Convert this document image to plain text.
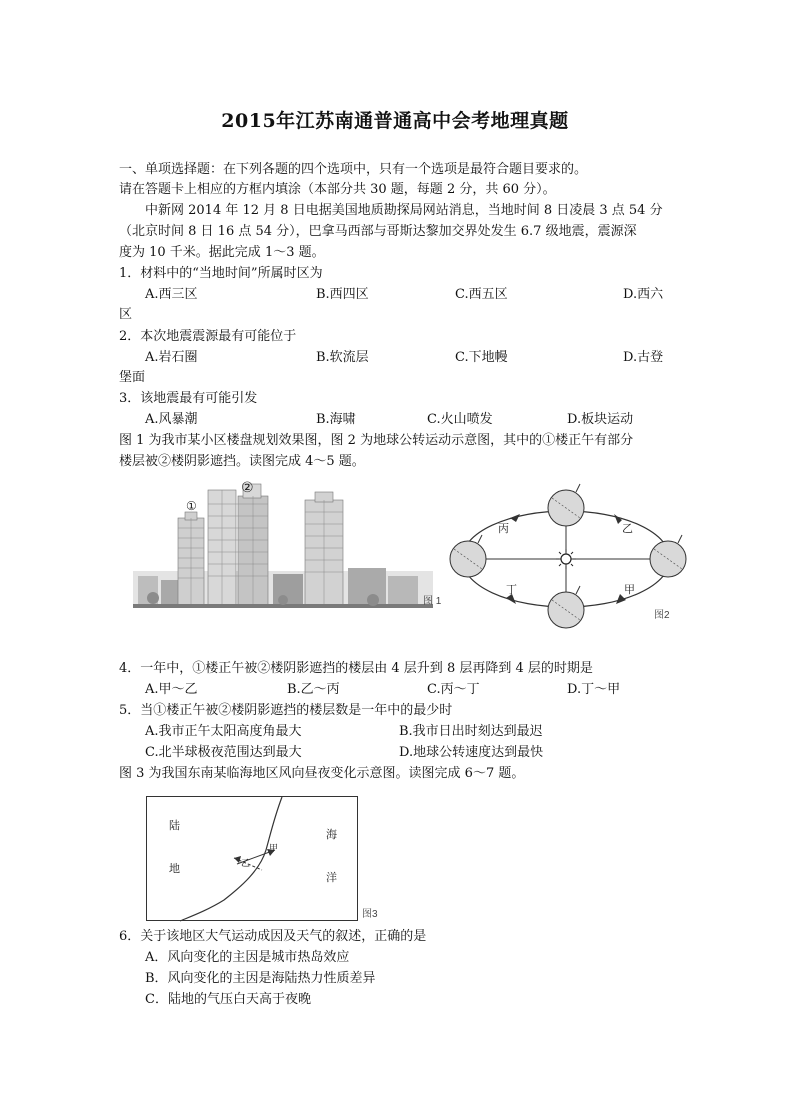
2015年江苏南通普通高中会考地理真题
一、单项选择题：在下列各题的四个选项中，只有一个选项是最符合题目要求的。
请在答题卡上相应的方框内填涂（本部分共 30 题，每题 2 分，共 60 分）。
中新网 2014 年 12 月 8 日电据美国地质勘探局网站消息，当地时间 8 日凌晨 3 点 54 分
（北京时间 8 日 16 点 54 分），巴拿马西部与哥斯达黎加交界处发生 6.7 级地震，震源深
度为 10 千米。据此完成 1～3 题。
1．材料中的“当地时间”所属时区为
A.西三区	B.西四区	C.西五区	D.西六
区
2．本次地震震源最有可能位于
A.岩石圈	B.软流层	C.下地幔	D.古登
堡面
3．该地震最有可能引发
A.风暴潮	B.海啸	C.火山喷发	D.板块运动
图 1 为我市某小区楼盘规划效果图，图 2 为地球公转运动示意图，其中的①楼正午有部分
楼层被②楼阴影遮挡。读图完成 4～5 题。
①
②
图 1
丙	乙
丁	甲
图2
4．一年中，①楼正午被②楼阴影遮挡的楼层由 4 层升到 8 层再降到 4 层的时期是
A.甲～乙	B.乙～丙	C.丙～丁	D.丁～甲
5．当①楼正午被②楼阴影遮挡的楼层数是一年中的最少时
A.我市正午太阳高度角最大	B.我市日出时刻达到最迟
C.北半球极夜范围达到最大	D.地球公转速度达到最快
图 3 为我国东南某临海地区风向昼夜变化示意图。读图完成 6～7 题。
陆
地
海
洋
甲
乙
图3
6．关于该地区大气运动成因及天气的叙述，正确的是
A．风向变化的主因是城市热岛效应
B．风向变化的主因是海陆热力性质差异
C．陆地的气压白天高于夜晚
